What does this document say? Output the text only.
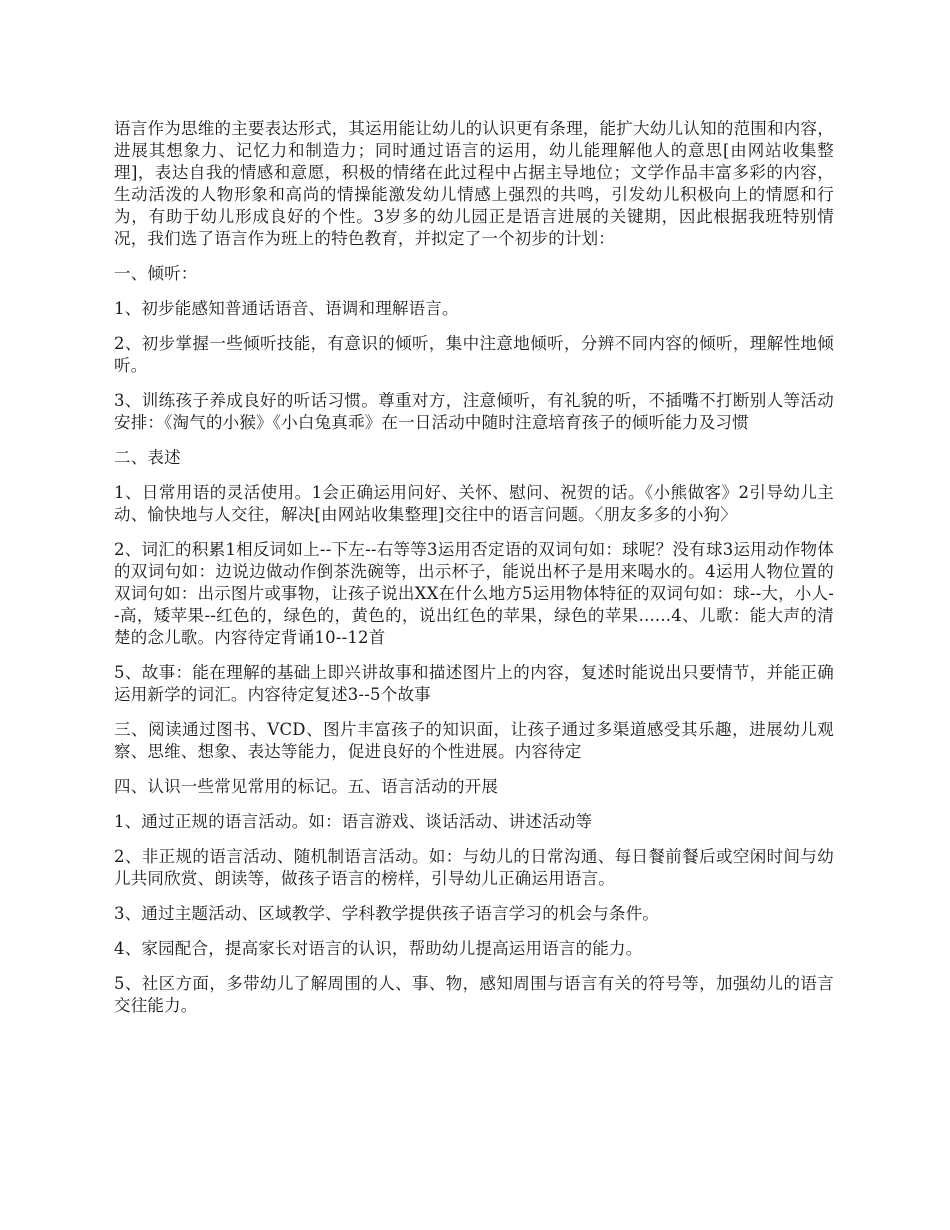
语言作为思维的主要表达形式，其运用能让幼儿的认识更有条理，能扩大幼儿认知的范围和内容，进展其想象力、记忆力和制造力；同时通过语言的运用，幼儿能理解他人的意思[由网站收集整理]，表达自我的情感和意愿，积极的情绪在此过程中占据主导地位；文学作品丰富多彩的内容，生动活泼的人物形象和高尚的情操能激发幼儿情感上强烈的共鸣，引发幼儿积极向上的情愿和行为，有助于幼儿形成良好的个性。3岁多的幼儿园正是语言进展的关键期，因此根据我班特别情况，我们选了语言作为班上的特色教育，并拟定了一个初步的计划：

一、倾听：

1、初步能感知普通话语音、语调和理解语言。

2、初步掌握一些倾听技能，有意识的倾听，集中注意地倾听，分辨不同内容的倾听，理解性地倾听。

3、训练孩子养成良好的听话习惯。尊重对方，注意倾听，有礼貌的听，不插嘴不打断别人等活动安排：《淘气的小猴》《小白兔真乖》在一日活动中随时注意培育孩子的倾听能力及习惯

二、表述

1、日常用语的灵活使用。1会正确运用问好、关怀、慰问、祝贺的话。《小熊做客》2引导幼儿主动、愉快地与人交往，解决[由网站收集整理]交往中的语言问题。〈朋友多多的小狗〉

2、词汇的积累1相反词如上--下左--右等等3运用否定语的双词句如：球呢？没有球3运用动作物体的双词句如：边说边做动作倒茶洗碗等，出示杯子，能说出杯子是用来喝水的。4运用人物位置的双词句如：出示图片或事物，让孩子说出XX在什么地方5运用物体特征的双词句如：球--大，小人--高，矮苹果--红色的，绿色的，黄色的，说出红色的苹果，绿色的苹果......4、儿歌：能大声的清楚的念儿歌。内容待定背诵10--12首

5、故事：能在理解的基础上即兴讲故事和描述图片上的内容，复述时能说出只要情节，并能正确运用新学的词汇。内容待定复述3--5个故事

三、阅读通过图书、VCD、图片丰富孩子的知识面，让孩子通过多渠道感受其乐趣，进展幼儿观察、思维、想象、表达等能力，促进良好的个性进展。内容待定

四、认识一些常见常用的标记。五、语言活动的开展

1、通过正规的语言活动。如：语言游戏、谈话活动、讲述活动等

2、非正规的语言活动、随机制语言活动。如：与幼儿的日常沟通、每日餐前餐后或空闲时间与幼儿共同欣赏、朗读等，做孩子语言的榜样，引导幼儿正确运用语言。

3、通过主题活动、区域教学、学科教学提供孩子语言学习的机会与条件。

4、家园配合，提高家长对语言的认识，帮助幼儿提高运用语言的能力。

5、社区方面，多带幼儿了解周围的人、事、物，感知周围与语言有关的符号等，加强幼儿的语言交往能力。
